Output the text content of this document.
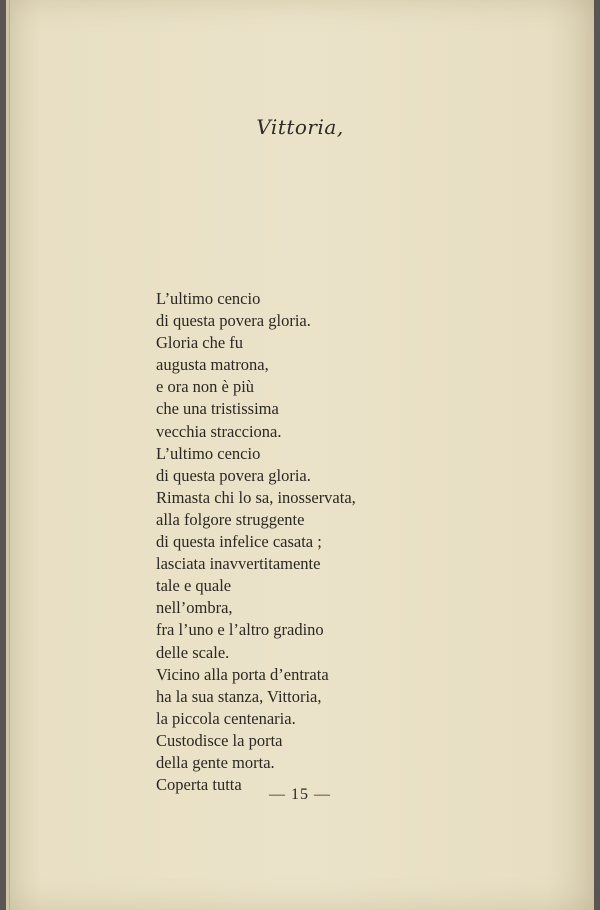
Vittoria,
L’ultimo cencio
di questa povera gloria.
Gloria che fu
augusta matrona,
e ora non è più
che una tristissima
vecchia stracciona.
L’ultimo cencio
di questa povera gloria.
Rimasta chi lo sa, inosservata,
alla folgore struggente
di questa infelice casata ;
lasciata inavvertitamente
tale e quale
nell’ombra,
fra l’uno e l’altro gradino
delle scale.
Vicino alla porta d’entrata
ha la sua stanza, Vittoria,
la piccola centenaria.
Custodisce la porta
della gente morta.
Coperta tutta
— 15 —
